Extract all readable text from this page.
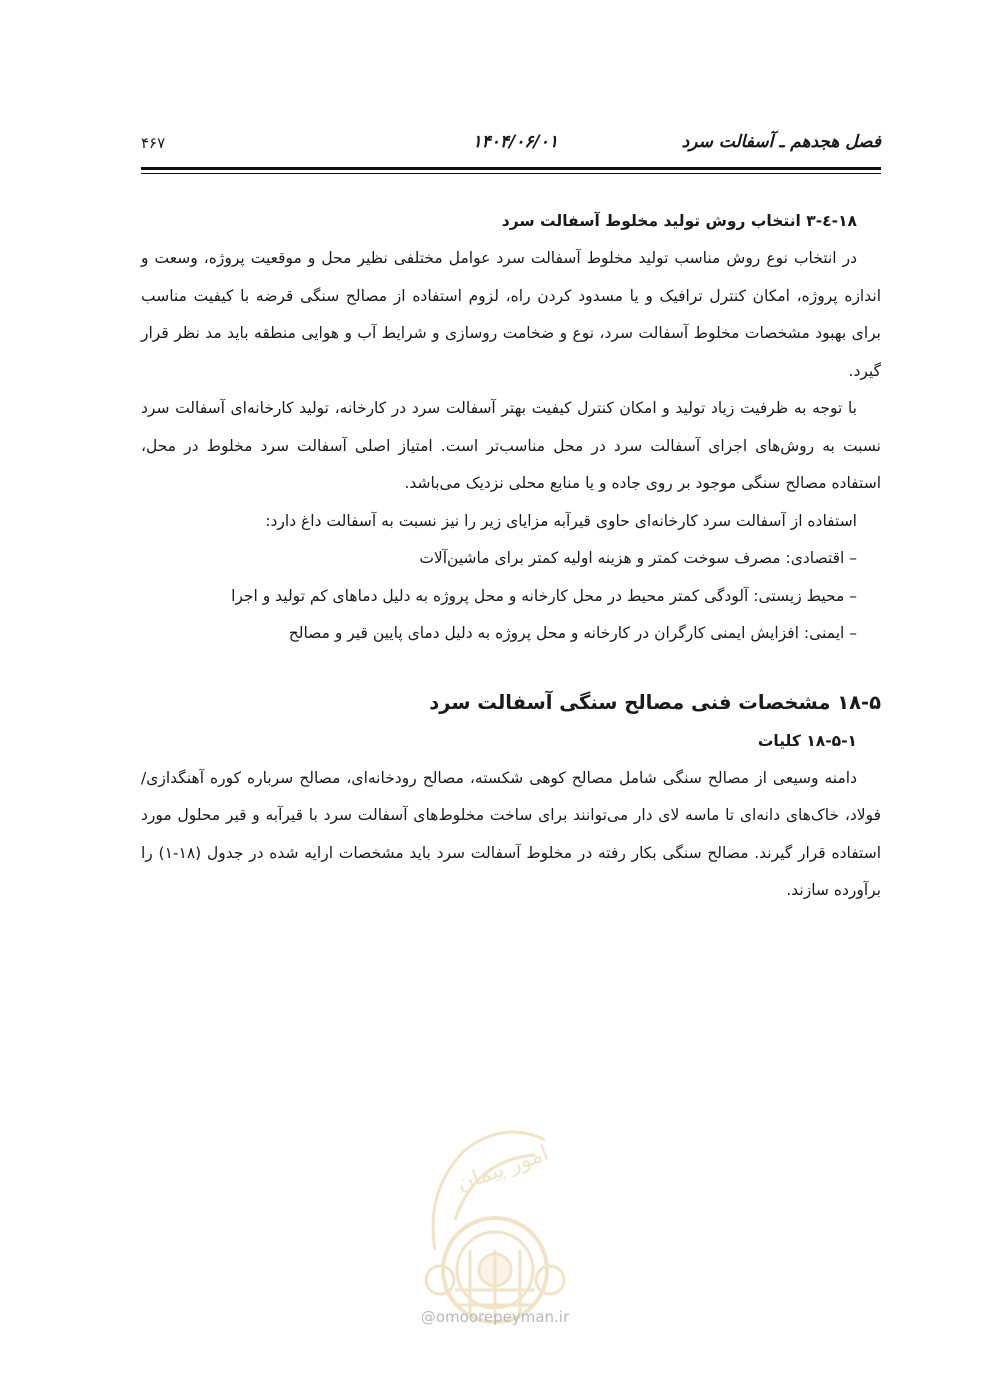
فصل هجدهم ـ آسفالت سرد
۱۴۰۴/۰۶/۰۱
۴۶۷
۱۸-٤-۳ انتخاب روش تولید مخلوط آسفالت سرد

در انتخاب نوع روش مناسب تولید مخلوط آسفالت سرد عوامل مختلفی نظیر محل و موقعیت پروژه، وسعت و اندازه پروژه، امکان کنترل ترافیک و یا مسدود کردن راه، لزوم استفاده از مصالح سنگی قرضه با کیفیت مناسب برای بهبود مشخصات مخلوط آسفالت سرد، نوع و ضخامت روسازی و شرایط آب و هوایی منطقه باید مد نظر قرار گیرد.

با توجه به ظرفیت زیاد تولید و امکان کنترل کیفیت بهتر آسفالت سرد در کارخانه، تولید کارخانه‌ای آسفالت سرد نسبت به روش‌های اجرای آسفالت سرد در محل مناسب‌تر است. امتیاز اصلی آسفالت سرد مخلوط در محل، استفاده مصالح سنگی موجود بر روی جاده و یا منابع محلی نزدیک می‌باشد.

استفاده از آسفالت سرد کارخانه‌ای حاوی قیرآبه مزایای زیر را نیز نسبت به آسفالت داغ دارد:

– اقتصادی: مصرف سوخت کمتر و هزینه اولیه کمتر برای ماشین‌آلات
– محیط زیستی: آلودگی کمتر محیط در محل کارخانه و محل پروژه به دلیل دماهای کم تولید و اجرا
– ایمنی: افزایش ایمنی کارگران در کارخانه و محل پروژه به دلیل دمای پایین قیر و مصالح
۱۸-۵ مشخصات فنی مصالح سنگی آسفالت سرد
۱۸-۵-۱ کلیات

دامنه وسیعی از مصالح سنگی شامل مصالح کوهی شکسته، مصالح رودخانه‌ای، مصالح سرباره کوره آهنگدازی/ فولاد، خاک‌های دانه‌ای تا ماسه لای دار می‌توانند برای ساخت مخلوط‌های آسفالت سرد با قیرآبه و قیر محلول مورد استفاده قرار گیرند. مصالح سنگی بکار رفته در مخلوط آسفالت سرد باید مشخصات ارایه شده در جدول (۱۸-۱) را برآورده سازند.

امور پیمان
@omoorepeyman.ir
